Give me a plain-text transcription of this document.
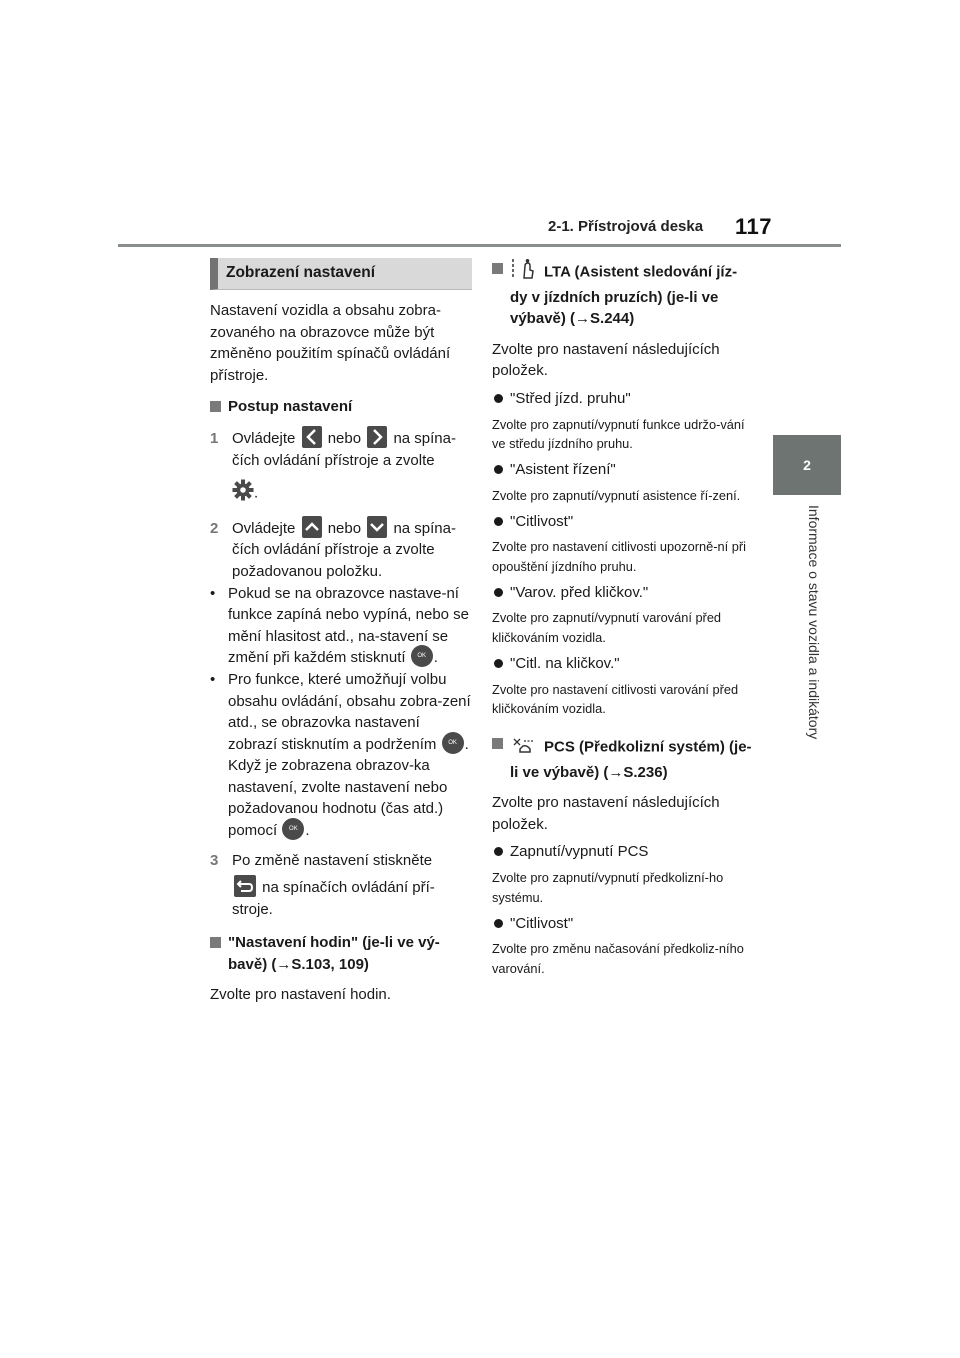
2-1. Přístrojová deska 117
2
Informace o stavu vozidla a indikátory
Zobrazení nastavení

Nastavení vozidla a obsahu zobra-zovaného na obrazovce může být změněno použitím spínačů ovládání přístroje.

Postup nastavení
1 Ovládejte nebo na spína-čích ovládání přístroje a zvolte
.
2 Ovládejte nebo na spína-čích ovládání přístroje a zvolte požadovanou položku.
• Pokud se na obrazovce nastave-ní funkce zapíná nebo vypíná, nebo se mění hlasitost atd., na-stavení se změní při každém stisknutí OK .
• Pro funkce, které umožňují volbu obsahu ovládání, obsahu zobra-zení atd., se obrazovka nastavení zobrazí stisknutím a podržením OK . Když je zobrazena obrazov-ka nastavení, zvolte nastavení nebo požadovanou hodnotu (čas atd.) pomocí OK .
3 Po změně nastavení stiskněte
na spínačích ovládání pří-stroje.
"Nastavení hodin" (je-li ve vý-bavě) (→S.103, 109)

Zvolte pro nastavení hodin.

LTA (Asistent sledování jíz-dy v jízdních pruzích) (je-li ve výbavě) (→S.244)

Zvolte pro nastavení následujících položek.

"Střed jízd. pruhu"

Zvolte pro zapnutí/vypnutí funkce udržo-vání ve středu jízdního pruhu.

"Asistent řízení"

Zvolte pro zapnutí/vypnutí asistence ří-zení.

"Citlivost"

Zvolte pro nastavení citlivosti upozorně-ní při opouštění jízdního pruhu.

"Varov. před kličkov."

Zvolte pro zapnutí/vypnutí varování před kličkováním vozidla.

"Citl. na kličkov."

Zvolte pro nastavení citlivosti varování před kličkováním vozidla.

PCS (Předkolizní systém) (je-li ve výbavě) (→S.236)

Zvolte pro nastavení následujících položek.

Zapnutí/vypnutí PCS

Zvolte pro zapnutí/vypnutí předkolizní-ho systému.

"Citlivost"

Zvolte pro změnu načasování předkoliz-ního varování.
